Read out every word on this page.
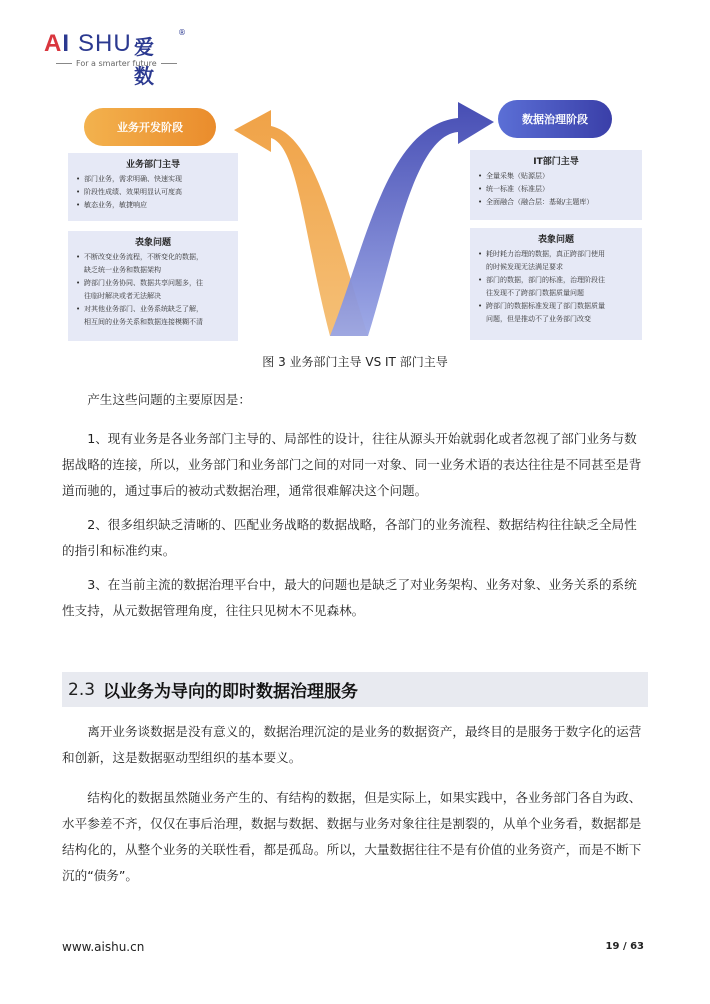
AI SHU 爱数
®
For a smarter future
业务开发阶段
数据治理阶段
业务部门主导
• 部门业务，需求明确、快速实现
• 阶段性成绩、效果明显认可度高
• 敏态业务，敏捷响应
表象问题
• 不断改变业务流程，不断变化的数据，
缺乏统一业务和数据架构
• 跨部门业务协同、数据共享问题多，往
往临时解决或者无法解决
• 对其他业务部门、业务系统缺乏了解，
相互间的业务关系和数据连接模糊不清
IT部门主导
• 全量采集（贴源层）
• 统一标准（标准层）
• 全面融合（融合层：基础/主题库）
表象问题
• 耗时耗力治理的数据，真正跨部门使用
的时候发现无法满足要求
• 部门的数据，部门的标准，治理阶段往
往发现不了跨部门数据质量问题
• 跨部门的数据标准发现了部门数据质量
问题，但是推动不了业务部门改变
图 3 业务部门主导 VS IT 部门主导

产生这些问题的主要原因是：

1、现有业务是各业务部门主导的、局部性的设计，往往从源头开始就弱化或者忽视了部门业务与数据战略的连接，所以，业务部门和业务部门之间的对同一对象、同一业务术语的表达往往是不同甚至是背道而驰的，通过事后的被动式数据治理，通常很难解决这个问题。

2、很多组织缺乏清晰的、匹配业务战略的数据战略，各部门的业务流程、数据结构往往缺乏全局性的指引和标准约束。

3、在当前主流的数据治理平台中，最大的问题也是缺乏了对业务架构、业务对象、业务关系的系统性支持，从元数据管理角度，往往只见树木不见森林。

2.3 以业务为导向的即时数据治理服务

离开业务谈数据是没有意义的，数据治理沉淀的是业务的数据资产，最终目的是服务于数字化的运营和创新，这是数据驱动型组织的基本要义。

结构化的数据虽然随业务产生的、有结构的数据，但是实际上，如果实践中，各业务部门各自为政、水平参差不齐，仅仅在事后治理，数据与数据、数据与业务对象往往是割裂的，从单个业务看，数据都是结构化的，从整个业务的关联性看，都是孤岛。所以，大量数据往往不是有价值的业务资产，而是不断下沉的“债务”。

www.aishu.cn	19 / 63
